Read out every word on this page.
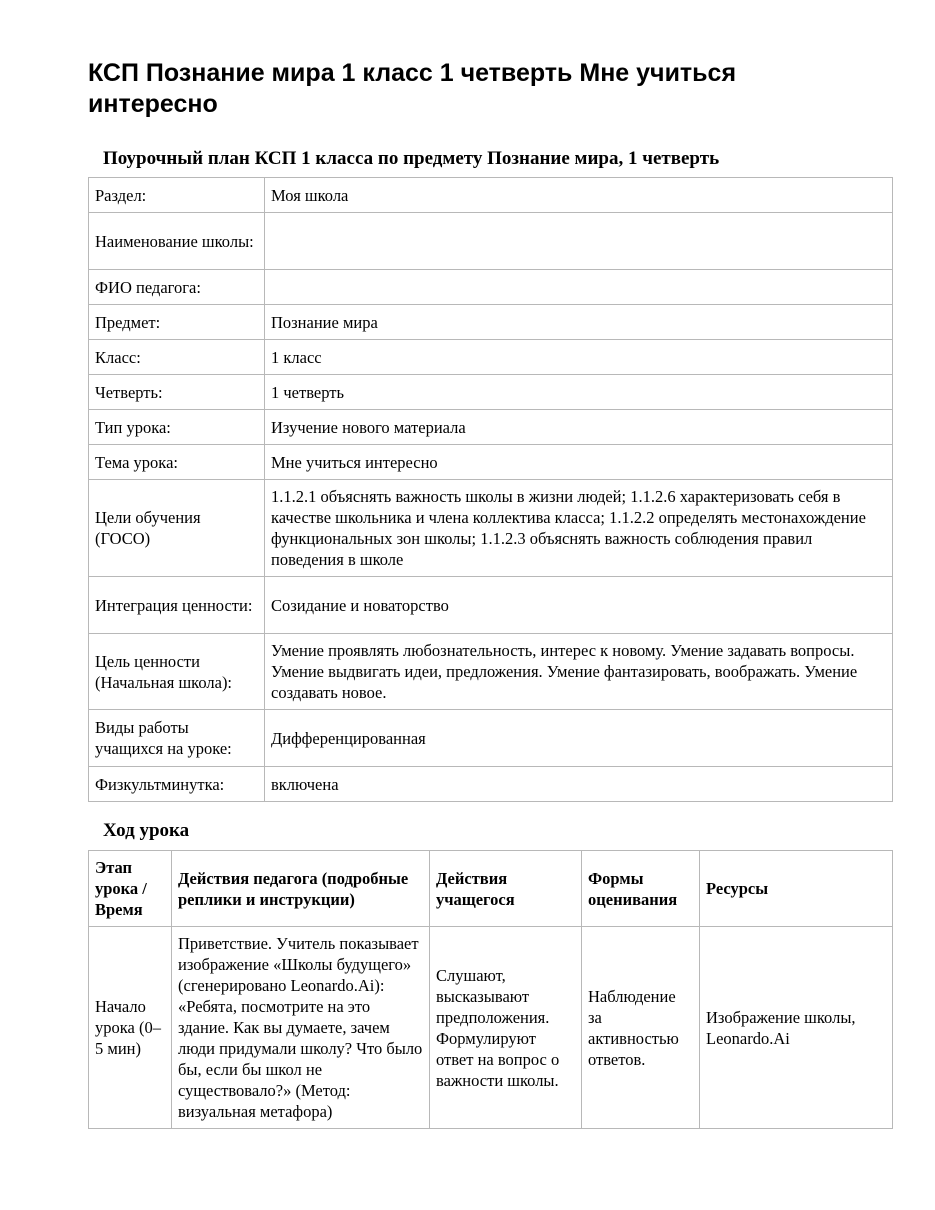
КСП Познание мира 1 класс 1 четверть Мне учиться интересно
Поурочный план КСП 1 класса по предмету Познание мира, 1 четверть
Раздел:	Моя школа
Наименование школы:	
ФИО педагога:	
Предмет:	Познание мира
Класс:	1 класс
Четверть:	1 четверть
Тип урока:	Изучение нового материала
Тема урока:	Мне учиться интересно
Цели обучения (ГОСО)	1.1.2.1 объяснять важность школы в жизни людей; 1.1.2.6 характеризовать себя в качестве школьника и члена коллектива класса; 1.1.2.2 определять местонахождение функциональных зон школы; 1.1.2.3 объяснять важность соблюдения правил поведения в школе
Интеграция ценности:	Созидание и новаторство
Цель ценности (Начальная школа):	Умение проявлять любознательность, интерес к новому. Умение задавать вопросы. Умение выдвигать идеи, предложения. Умение фантазировать, воображать. Умение создавать новое.
Виды работы учащихся на уроке:	Дифференцированная
Физкультминутка:	включена
Ход урока
Этап урока / Время	Действия педагога (подробные реплики и инструкции)	Действия учащегося	Формы оценивания	Ресурсы
Начало урока (0–5 мин)	Приветствие. Учитель показывает изображение «Школы будущего» (сгенерировано Leonardo.Ai): «Ребята, посмотрите на это здание. Как вы думаете, зачем люди придумали школу? Что было бы, если бы школ не существовало?» (Метод: визуальная метафора)	Слушают, высказывают предположения. Формулируют ответ на вопрос о важности школы.	Наблюдение за активностью ответов.	Изображение школы, Leonardo.Ai
